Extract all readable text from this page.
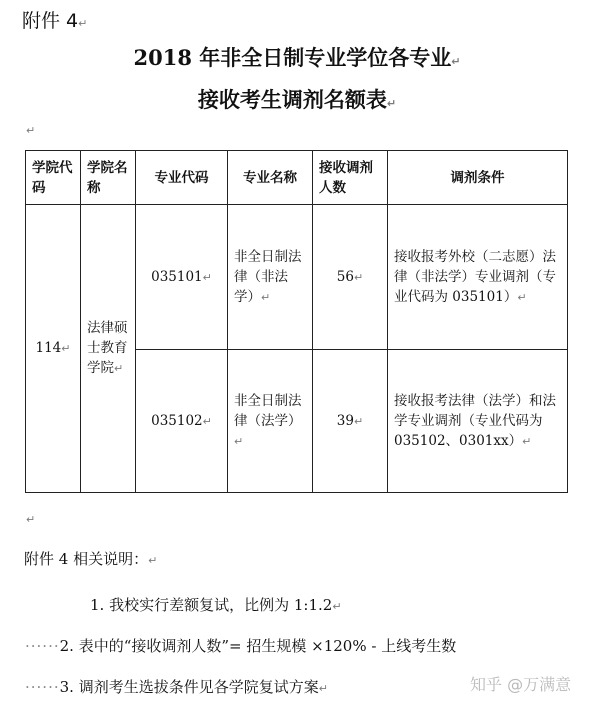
附件 4↵
2018 年非全日制专业学位各专业↵
接收考生调剂名额表↵
↵
学院代码	学院名称	专业代码	专业名称	接收调剂人数	调剂条件
114↵	法律硕士教育学院↵	035101↵	非全日制法律（非法学）↵	56↵	接收报考外校（二志愿）法律（非法学）专业调剂（专业代码为 035101）↵
		035102↵	非全日制法律（法学）↵	39↵	接收报考法律（法学）和法学专业调剂（专业代码为 035102、0301xx）↵
↵
附件 4 相关说明：↵
1. 我校实行差额复试，比例为 1:1.2↵
······2. 表中的“接收调剂人数”= 招生规模 ×120% - 上线考生数
······3. 调剂考生选拔条件见各学院复试方案↵	知乎 @万满意
